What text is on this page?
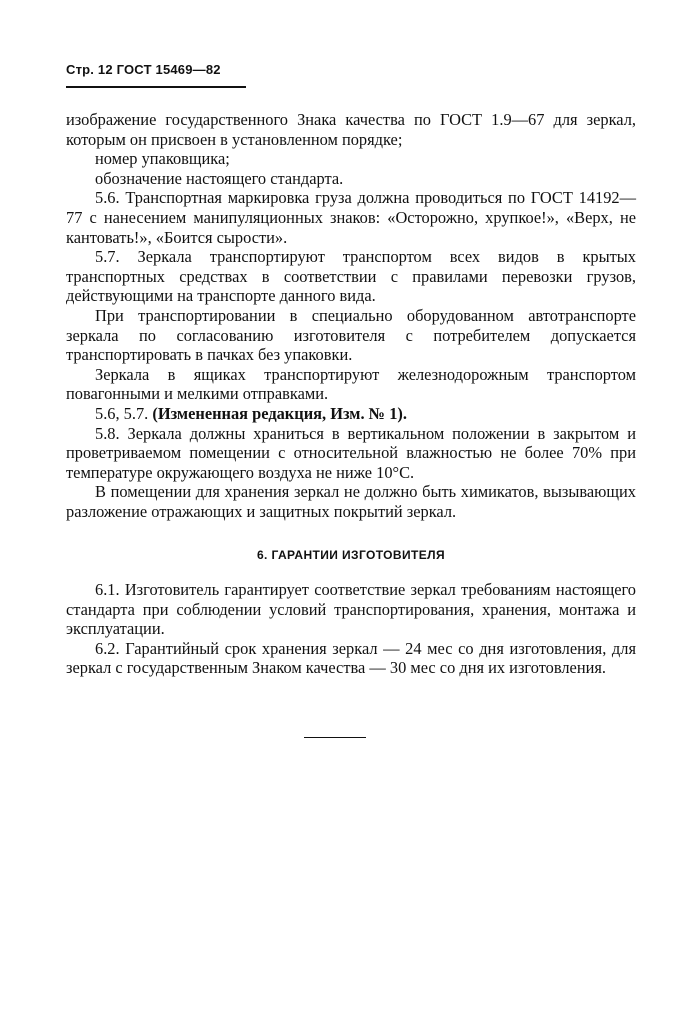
Стр. 12 ГОСТ 15469—82

изображение государственного Знака качества по ГОСТ 1.9—67 для зеркал, которым он присвоен в установленном порядке;

номер упаковщика;

обозначение настоящего стандарта.

5.6. Транспортная маркировка груза должна проводиться по ГОСТ 14192—77 с нанесением манипуляционных знаков: «Осторожно, хрупкое!», «Верх, не кантовать!», «Боится сырости».

5.7. Зеркала транспортируют транспортом всех видов в крытых транспортных средствах в соответствии с правилами перевозки грузов, действующими на транспорте данного вида.

При транспортировании в специально оборудованном автотранспорте зеркала по согласованию изготовителя с потребителем допускается транспортировать в пачках без упаковки.

Зеркала в ящиках транспортируют железнодорожным транспортом повагонными и мелкими отправками.

5.6, 5.7. (Измененная редакция, Изм. № 1).

5.8. Зеркала должны храниться в вертикальном положении в закрытом и проветриваемом помещении с относительной влажностью не более 70% при температуре окружающего воздуха не ниже 10°С.

В помещении для хранения зеркал не должно быть химикатов, вызывающих разложение отражающих и защитных покрытий зеркал.

6. ГАРАНТИИ ИЗГОТОВИТЕЛЯ

6.1. Изготовитель гарантирует соответствие зеркал требованиям настоящего стандарта при соблюдении условий транспортирования, хранения, монтажа и эксплуатации.

6.2. Гарантийный срок хранения зеркал — 24 мес со дня изготовления, для зеркал с государственным Знаком качества — 30 мес со дня их изготовления.
